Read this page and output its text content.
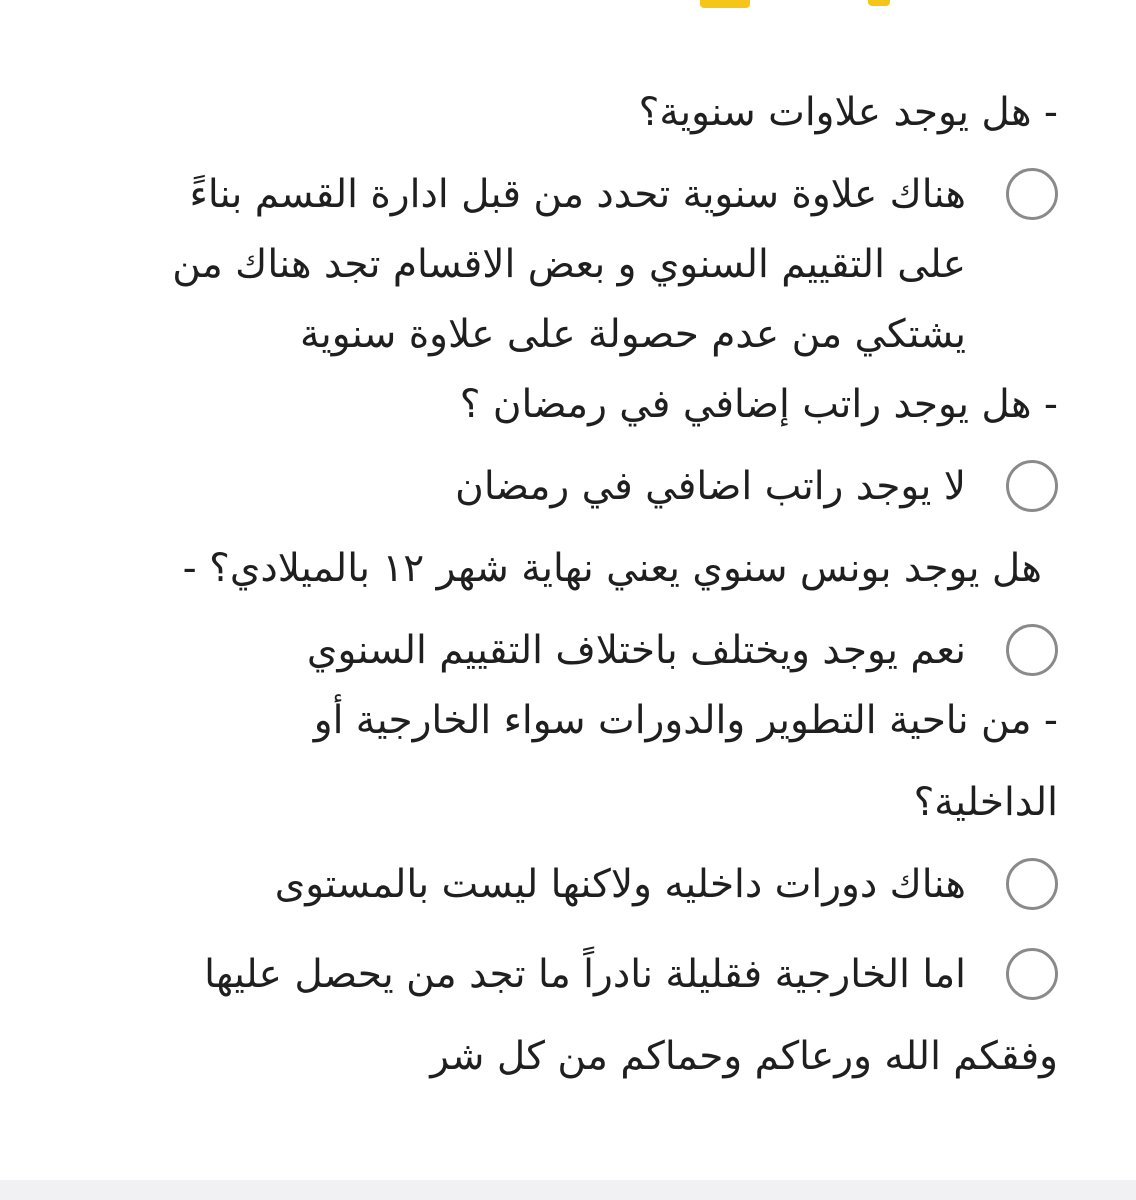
- هل يوجد علاوات سنوية؟
هناك علاوة سنوية تحدد من قبل ادارة القسم بناءً
على التقييم السنوي و بعض الاقسام تجد هناك من
يشتكي من عدم حصولة على علاوة سنوية
- هل يوجد راتب إضافي في رمضان ؟
لا يوجد راتب اضافي في رمضان
هل يوجد بونس سنوي يعني نهاية شهر ١٢ بالميلادي؟ -
نعم يوجد ويختلف باختلاف التقييم السنوي
- من ناحية التطوير والدورات سواء الخارجية أو
الداخلية؟
هناك دورات داخليه ولاكنها ليست بالمستوى
اما الخارجية فقليلة نادراً ما تجد من يحصل عليها
وفقكم الله ورعاكم وحماكم من كل شر
